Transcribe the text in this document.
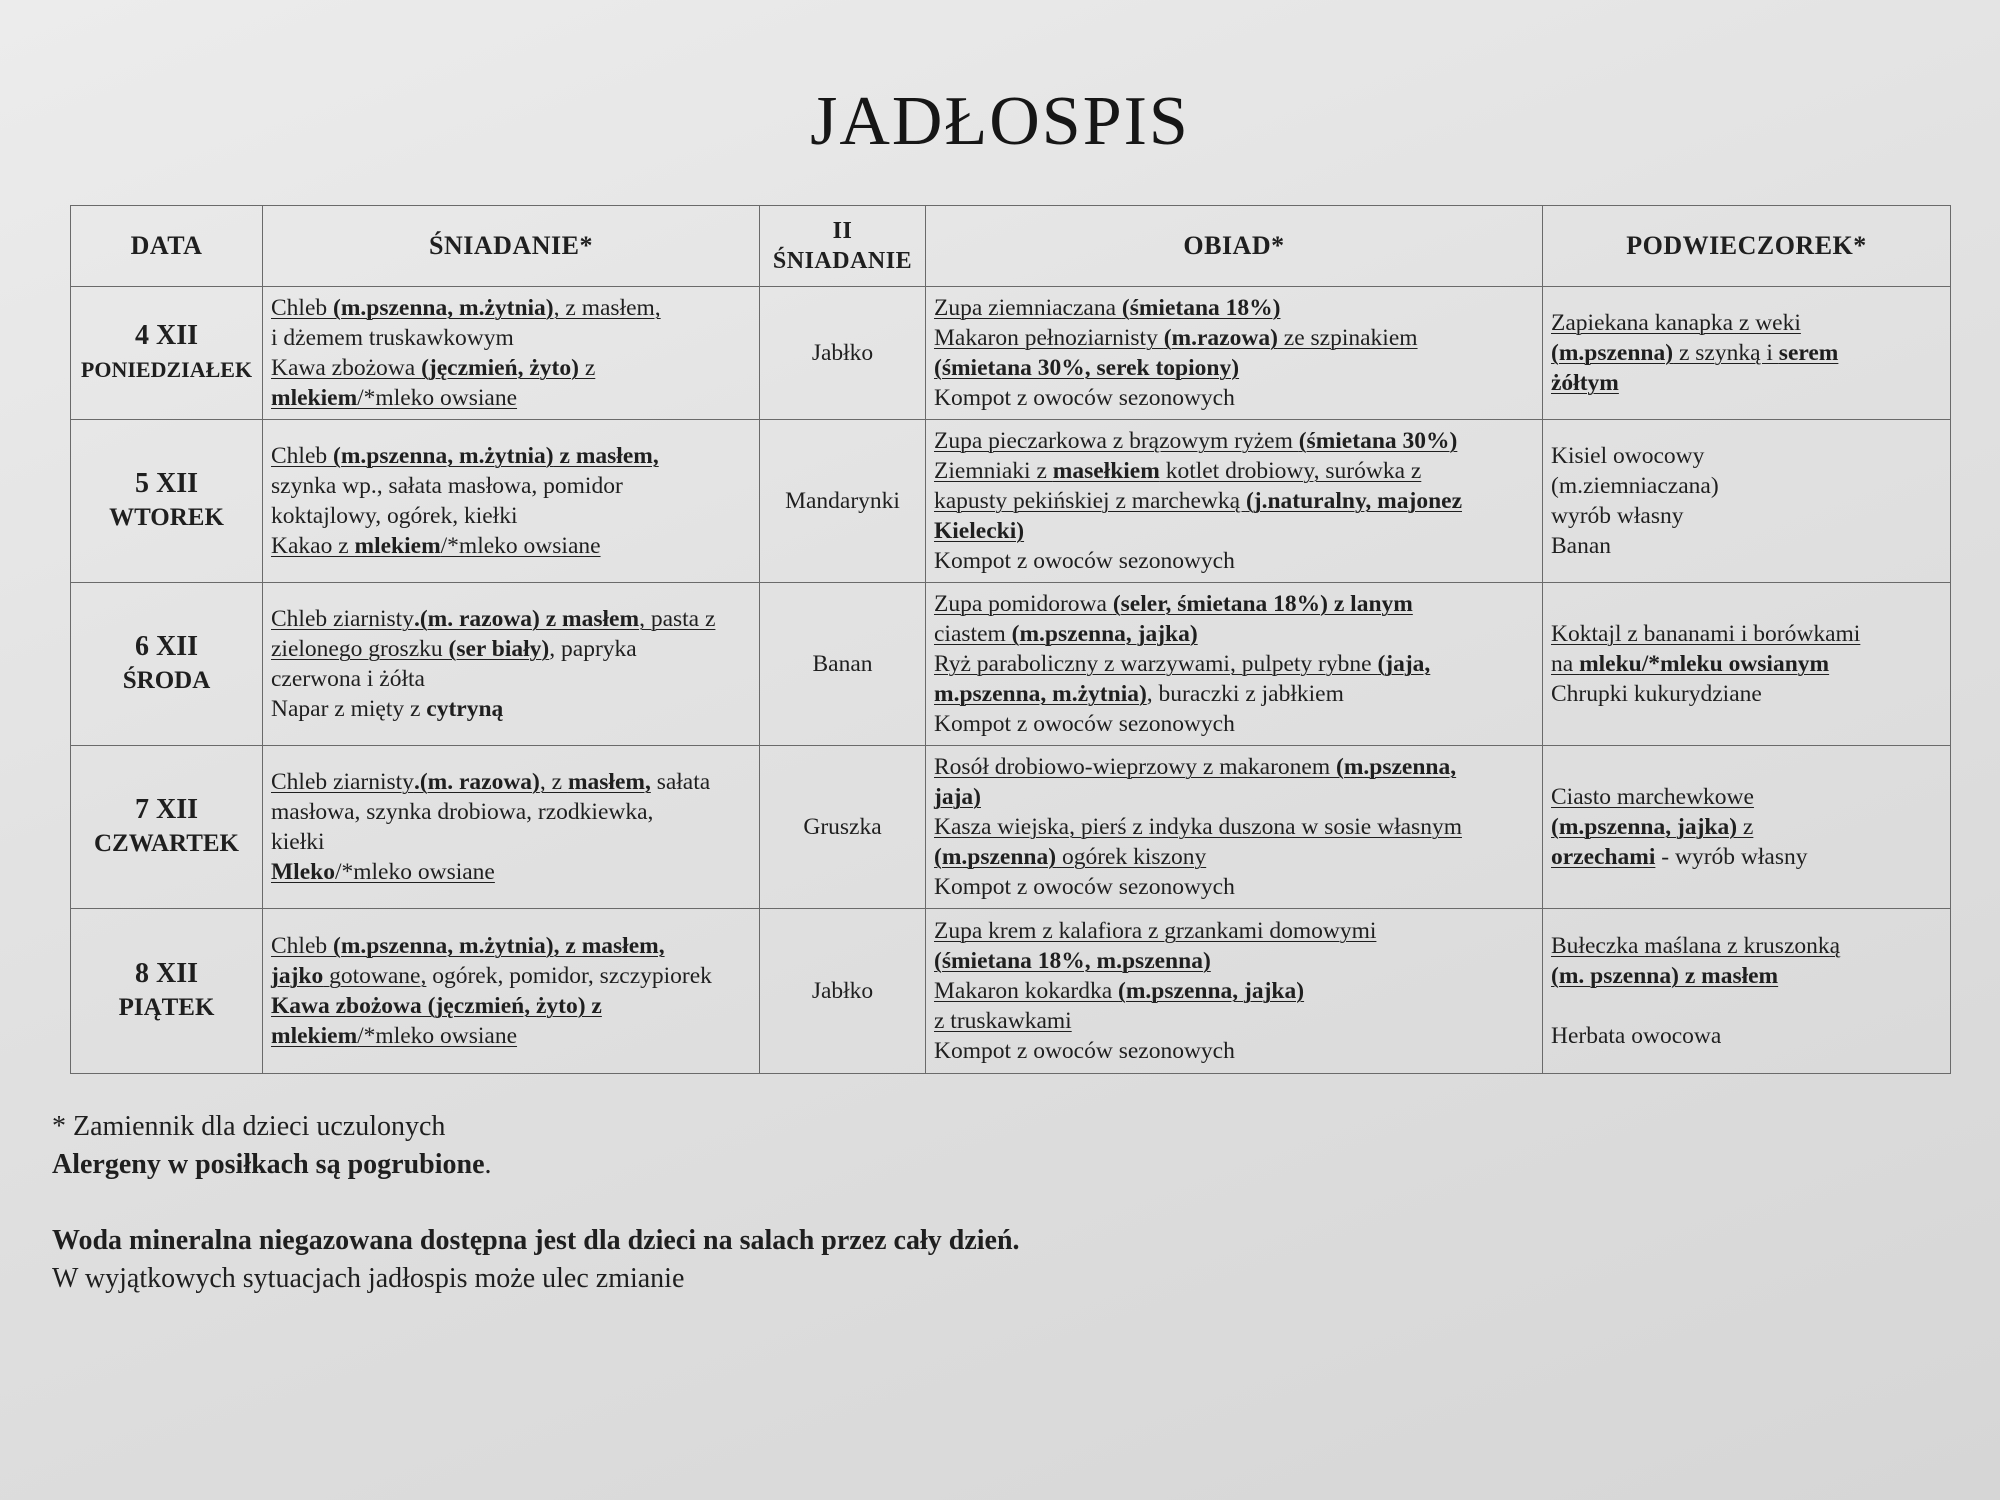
JADŁOSPIS
DATA	ŚNIADANIE*	II
ŚNIADANIE	OBIAD*	PODWIECZOREK*

4 XII
PONIEDZIAŁEK	Chleb (m.pszenna, m.żytnia), z masłem,
i dżemem truskawkowym
Kawa zbożowa (jęczmień, żyto) z
mlekiem/*mleko owsiane	Jabłko	Zupa ziemniaczana (śmietana 18%)
Makaron pełnoziarnisty (m.razowa) ze szpinakiem
(śmietana 30%, serek topiony)
Kompot z owoców sezonowych	Zapiekana kanapka z weki
(m.pszenna) z szynką i serem
żółtym

5 XII
WTOREK	Chleb (m.pszenna, m.żytnia) z masłem,
szynka wp., sałata masłowa, pomidor
koktajlowy, ogórek, kiełki
Kakao z mlekiem/*mleko owsiane	Mandarynki	Zupa pieczarkowa z brązowym ryżem (śmietana 30%)
Ziemniaki z masełkiem kotlet drobiowy, surówka z
kapusty pekińskiej z marchewką (j.naturalny, majonez
Kielecki)
Kompot z owoców sezonowych	Kisiel owocowy
(m.ziemniaczana)
wyrób własny
Banan

6 XII
ŚRODA	Chleb ziarnisty.(m. razowa) z masłem, pasta z
zielonego groszku (ser biały), papryka
czerwona i żółta
Napar z mięty z cytryną	Banan	Zupa pomidorowa (seler, śmietana 18%) z lanym
ciastem (m.pszenna, jajka)
Ryż paraboliczny z warzywami, pulpety rybne (jaja,
m.pszenna, m.żytnia), buraczki z jabłkiem
Kompot z owoców sezonowych	Koktajl z bananami i borówkami
na mleku/*mleku owsianym
Chrupki kukurydziane

7 XII
CZWARTEK	Chleb ziarnisty.(m. razowa), z masłem, sałata
masłowa, szynka drobiowa, rzodkiewka,
kiełki
Mleko/*mleko owsiane	Gruszka	Rosół drobiowo-wieprzowy z makaronem (m.pszenna,
jaja)
Kasza wiejska, pierś z indyka duszona w sosie własnym
(m.pszenna) ogórek kiszony
Kompot z owoców sezonowych	Ciasto marchewkowe
(m.pszenna, jajka) z
orzechami - wyrób własny

8 XII
PIĄTEK	Chleb (m.pszenna, m.żytnia), z masłem,
jajko gotowane, ogórek, pomidor, szczypiorek
Kawa zbożowa (jęczmień, żyto) z
mlekiem/*mleko owsiane	Jabłko	Zupa krem z kalafiora z grzankami domowymi
(śmietana 18%, m.pszenna)
Makaron kokardka (m.pszenna, jajka)
z truskawkami
Kompot z owoców sezonowych	Bułeczka maślana z kruszonką
(m. pszenna) z masłem

Herbata owocowa
* Zamiennik dla dzieci uczulonych
Alergeny w posiłkach są pogrubione.
Woda mineralna niegazowana dostępna jest dla dzieci na salach przez cały dzień.
W wyjątkowych sytuacjach jadłospis może ulec zmianie
